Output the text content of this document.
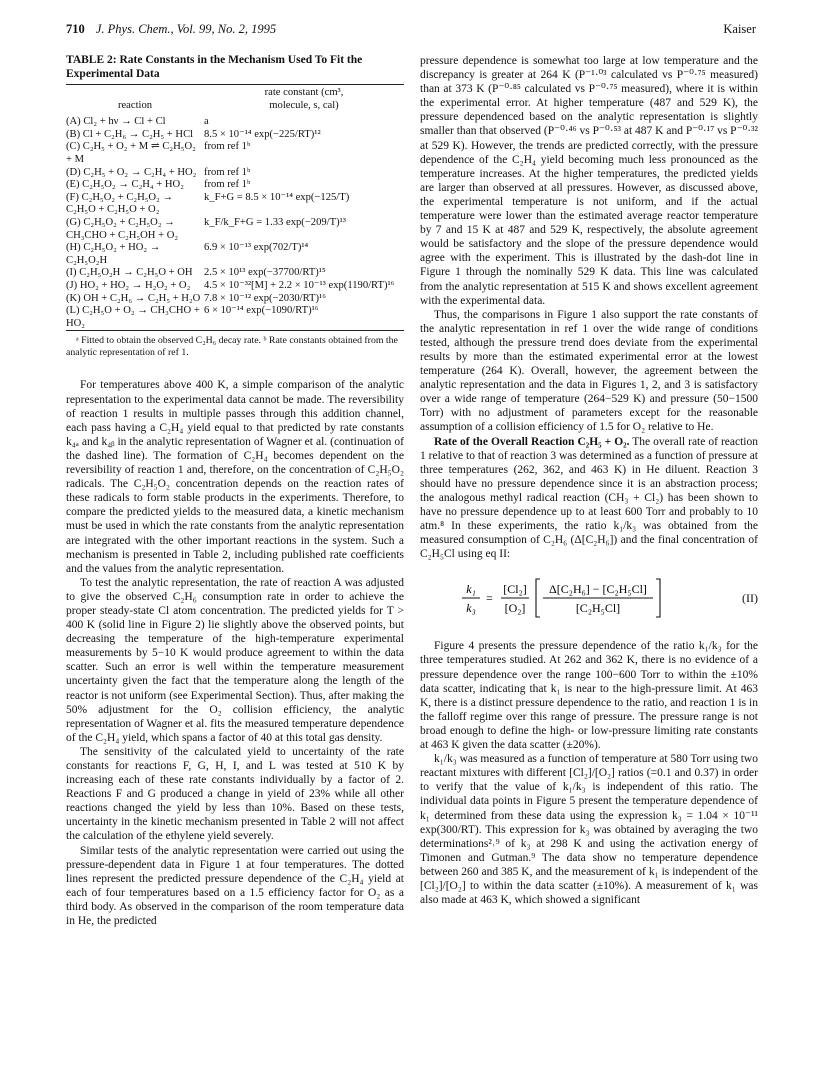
710 J. Phys. Chem., Vol. 99, No. 2, 1995	Kaiser
TABLE 2: Rate Constants in the Mechanism Used To Fit the Experimental Data
reaction	rate constant (cm³,
molecule, s, cal)
(A) Cl₂ + hν → Cl + Cl	a
(B) Cl + C₂H₆ → C₂H₅ + HCl	8.5 × 10⁻¹⁴ exp(−225/RT)¹²
(C) C₂H₅ + O₂ + M ⇌ C₂H₅O₂ + M	from ref 1ᵇ
(D) C₂H₅ + O₂ → C₂H₄ + HO₂	from ref 1ᵇ
(E) C₂H₅O₂ → C₂H₄ + HO₂	from ref 1ᵇ
(F) C₂H₅O₂ + C₂H₅O₂ → C₂H₅O + C₂H₅O + O₂	k_F+G = 8.5 × 10⁻¹⁴ exp(−125/T)
(G) C₂H₅O₂ + C₂H₅O₂ → CH₃CHO + C₂H₅OH + O₂	k_F/k_F+G = 1.33 exp(−209/T)¹³
(H) C₂H₅O₂ + HO₂ → C₂H₅O₂H	6.9 × 10⁻¹³ exp(702/T)¹⁴
(I) C₂H₅O₂H → C₂H₅O + OH	2.5 × 10¹³ exp(−37700/RT)¹⁵
(J) HO₂ + HO₂ → H₂O₂ + O₂	4.5 × 10⁻³²[M] + 2.2 × 10⁻¹³ exp(1190/RT)¹⁶
(K) OH + C₂H₆ → C₂H₅ + H₂O	7.8 × 10⁻¹² exp(−2030/RT)¹⁶
(L) C₂H₅O + O₂ → CH₃CHO + HO₂	6 × 10⁻¹⁴ exp(−1090/RT)¹⁶

ᵃ Fitted to obtain the observed C₂H₆ decay rate. ᵇ Rate constants obtained from the analytic representation of ref 1.

For temperatures above 400 K, a simple comparison of the analytic representation to the experimental data cannot be made. The reversibility of reaction 1 results in multiple passes through this addition channel, each pass having a C₂H₄ yield equal to that predicted by rate constants k₄ₐ and k₄ᵦ in the analytic representation of Wagner et al. (continuation of the dashed line). The formation of C₂H₄ becomes dependent on the reversibility of reaction 1 and, therefore, on the concentration of C₂H₅O₂ radicals. The C₂H₅O₂ concentration depends on the reaction rates of these radicals to form stable products in the experiments. Therefore, to compare the predicted yields to the measured data, a kinetic mechanism must be used in which the rate constants from the analytic representation are integrated with the other important reactions in the system. Such a mechanism is presented in Table 2, including published rate coefficients and the values from the analytic representation.

To test the analytic representation, the rate of reaction A was adjusted to give the observed C₂H₆ consumption rate in order to achieve the proper steady-state Cl atom concentration. The predicted yields for T > 400 K (solid line in Figure 2) lie slightly above the observed points, but decreasing the temperature of the high-temperature experimental measurements by 5−10 K would produce agreement to within the data scatter. Such an error is well within the temperature measurement uncertainty given the fact that the temperature along the length of the reactor is not uniform (see Experimental Section). Thus, after making the 50% adjustment for the O₂ collision efficiency, the analytic representation of Wagner et al. fits the measured temperature dependence of the C₂H₄ yield, which spans a factor of 40 at this total gas density.

The sensitivity of the calculated yield to uncertainty of the rate constants for reactions F, G, H, I, and L was tested at 510 K by increasing each of these rate constants individually by a factor of 2. Reactions F and G produced a change in yield of 23% while all other reactions changed the yield by less than 10%. Based on these tests, uncertainty in the kinetic mechanism presented in Table 2 will not affect the calculation of the ethylene yield severely.

Similar tests of the analytic representation were carried out using the pressure-dependent data in Figure 1 at four temperatures. The dotted lines represent the predicted pressure dependence of the C₂H₄ yield at each of four temperatures based on a 1.5 efficiency factor for O₂ as a third body. As observed in the comparison of the room temperature data in He, the predicted

pressure dependence is somewhat too large at low temperature and the discrepancy is greater at 264 K (P⁻¹·⁰³ calculated vs P⁻⁰·⁷⁵ measured) than at 373 K (P⁻⁰·⁸⁵ calculated vs P⁻⁰·⁷⁵ measured), where it is within the experimental error. At higher temperature (487 and 529 K), the pressure dependenced based on the analytic representation is slightly smaller than that observed (P⁻⁰·⁴⁶ vs P⁻⁰·⁵³ at 487 K and P⁻⁰·¹⁷ vs P⁻⁰·³² at 529 K). However, the trends are predicted correctly, with the pressure dependence of the C₂H₄ yield becoming much less pronounced as the temperature increases. At the higher temperatures, the predicted yields are larger than observed at all pressures. However, as discussed above, the experimental temperature is not uniform, and if the actual temperature were lower than the estimated average reactor temperature by 7 and 15 K at 487 and 529 K, respectively, the absolute agreement would be satisfactory and the slope of the pressure dependence would agree with the experiment. This is illustrated by the dash-dot line in Figure 1 through the nominally 529 K data. This line was calculated from the analytic representation at 515 K and shows excellent agreement with the experimental data.

Thus, the comparisons in Figure 1 also support the rate constants of the analytic representation in ref 1 over the wide range of conditions tested, although the pressure trend does deviate from the experimental results by more than the estimated experimental error at the lowest temperature (264 K). Overall, however, the agreement between the analytic representation and the data in Figures 1, 2, and 3 is satisfactory over a wide range of temperature (264−529 K) and pressure (50−1500 Torr) with no adjustment of parameters except for the reasonable assumption of a collision efficiency of 1.5 for O₂ relative to He.

Rate of the Overall Reaction C₂H₅ + O₂. The overall rate of reaction 1 relative to that of reaction 3 was determined as a function of pressure at three temperatures (262, 362, and 463 K) in He diluent. Reaction 3 should have no pressure dependence since it is an abstraction process; the analogous methyl radical reaction (CH₃ + Cl₂) has been shown to have no pressure dependence up to at least 600 Torr and probably to 10 atm.⁸ In these experiments, the ratio k₁/k₃ was obtained from the measured consumption of C₂H₆ (Δ[C₂H₆]) and the final concentration of C₂H₅Cl using eq II:

k₁
k₃
=
[Cl₂]
[O₂]
Δ[C₂H₆] − [C₂H₅Cl]
[C₂H₅Cl]
(II)

Figure 4 presents the pressure dependence of the ratio k₁/k₃ for the three temperatures studied. At 262 and 362 K, there is no evidence of a pressure dependence over the range 100−600 Torr to within the ±10% data scatter, indicating that k₁ is near to the high-pressure limit. At 463 K, there is a distinct pressure dependence to the ratio, and reaction 1 is in the falloff regime over this range of pressure. The pressure range is not broad enough to define the high- or low-pressure limiting rate constants at 463 K given the data scatter (±20%).

k₁/k₃ was measured as a function of temperature at 580 Torr using two reactant mixtures with different [Cl₂]/[O₂] ratios (=0.1 and 0.37) in order to verify that the value of k₁/k₃ is independent of this ratio. The individual data points in Figure 5 present the temperature dependence of k₁ determined from these data using the expression k₃ = 1.04 × 10⁻¹¹ exp(300/RT). This expression for k₃ was obtained by averaging the two determinations²˒⁹ of k₃ at 298 K and using the activation energy of Timonen and Gutman.⁹ The data show no temperature dependence between 260 and 385 K, and the measurement of k₁ is independent of the [Cl₂]/[O₂] to within the data scatter (±10%). A measurement of k₁ was also made at 463 K, which showed a significant
